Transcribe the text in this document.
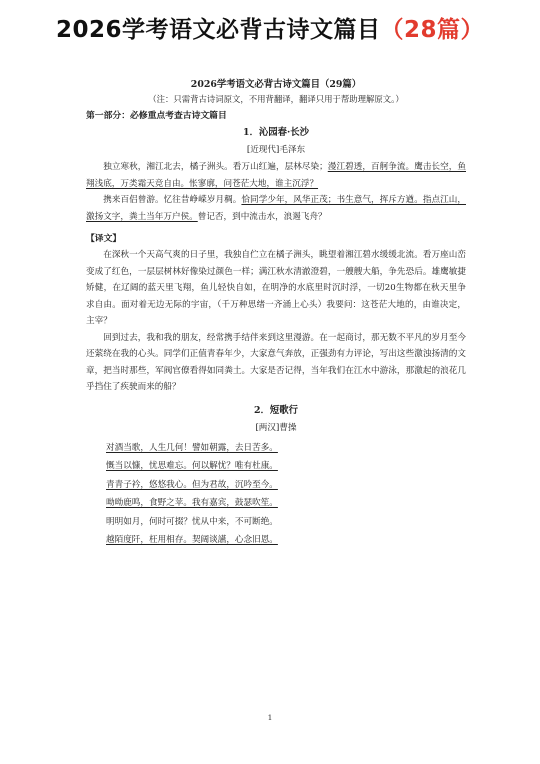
2026学考语文必背古诗文篇目（28篇）
2026学考语文必背古诗文篇目（29篇）
（注：只需背古诗词原文，不用背翻译，翻译只用于帮助理解原文。）
第一部分：必修重点考查古诗文篇目
1．沁园春·长沙
[近现代]毛泽东

独立寒秋，湘江北去，橘子洲头。看万山红遍，层林尽染；漫江碧透，百舸争流。鹰击长空，鱼翔浅底，万类霜天竞自由。怅寥廓，问苍茫大地，谁主沉浮？

携来百侣曾游。忆往昔峥嵘岁月稠。恰同学少年，风华正茂；书生意气，挥斥方遒。指点江山，激扬文字，粪土当年万户侯。曾记否，到中流击水，浪遏飞舟？

【译文】

在深秋一个天高气爽的日子里，我独自伫立在橘子洲头，眺望着湘江碧水缓缓北流。看万座山峦变成了红色，一层层树林好像染过颜色一样；满江秋水清澈澄碧，一艘艘大船，争先恐后。雄鹰敏捷矫健，在辽阔的蓝天里飞翔，鱼儿轻快自如，在明净的水底里时沉时浮，一切20生物都在秋天里争求自由。面对着无边无际的宇宙，（千万种思绪一齐涌上心头）我要问：这苍茫大地的，由谁决定，主宰？

回到过去，我和我的朋友，经常携手结伴来到这里漫游。在一起商讨，那无数不平凡的岁月至今还萦绕在我的心头。同学们正值青春年少，大家意气奔放，正强劲有力评论，写出这些激浊扬清的文章，把当时那些，军阀官僚看得如同粪土。大家是否记得，当年我们在江水中游泳，那激起的浪花几乎挡住了疾驶而来的船？

2．短歌行
[两汉]曹操
对酒当歌，人生几何！譬如朝露，去日苦多。
慨当以慷，忧思难忘。何以解忧？唯有杜康。
青青子衿，悠悠我心。但为君故，沉吟至今。
呦呦鹿鸣，食野之苹。我有嘉宾，鼓瑟吹笙。
明明如月，何时可掇？忧从中来，不可断绝。
越陌度阡，枉用相存。契阔谈讌，心念旧恩。
1
